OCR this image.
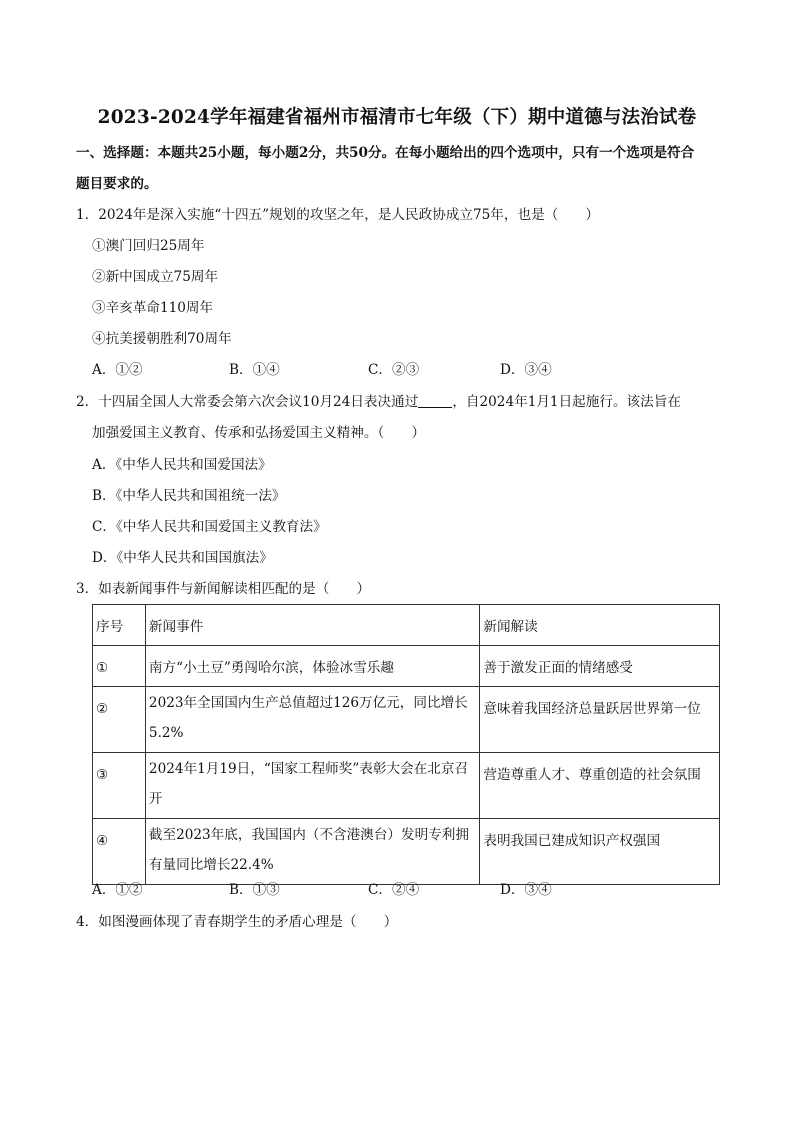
2023-2024学年福建省福州市福清市七年级（下）期中道德与法治试卷
一、选择题：本题共25小题，每小题2分，共50分。在每小题给出的四个选项中，只有一个选项是符合
题目要求的。
1．2024年是深入实施“十四五”规划的攻坚之年，是人民政协成立75年，也是（　　）
①澳门回归25周年
②新中国成立75周年
③辛亥革命110周年
④抗美援朝胜利70周年
A．①②	B．①④	C．②③	D．③④
2．十四届全国人大常委会第六次会议10月24日表决通过	，自2024年1月1日起施行。该法旨在
加强爱国主义教育、传承和弘扬爱国主义精神。（　　）
A．《中华人民共和国爱国法》
B．《中华人民共和国祖统一法》
C．《中华人民共和国爱国主义教育法》
D．《中华人民共和国国旗法》
3．如表新闻事件与新闻解读相匹配的是（　　）
序号	新闻事件	新闻解读
①	南方“小土豆”勇闯哈尔滨，体验冰雪乐趣	善于激发正面的情绪感受
②	2023年全国国内生产总值超过126万亿元，同比增长5.2%	意味着我国经济总量跃居世界第一位
③	2024年1月19日，“国家工程师奖”表彰大会在北京召开	营造尊重人才、尊重创造的社会氛围
④	截至2023年底，我国国内（不含港澳台）发明专利拥有量同比增长22.4%	表明我国已建成知识产权强国
A．①②	B．①③	C．②④	D．③④
4．如图漫画体现了青春期学生的矛盾心理是（　　）
